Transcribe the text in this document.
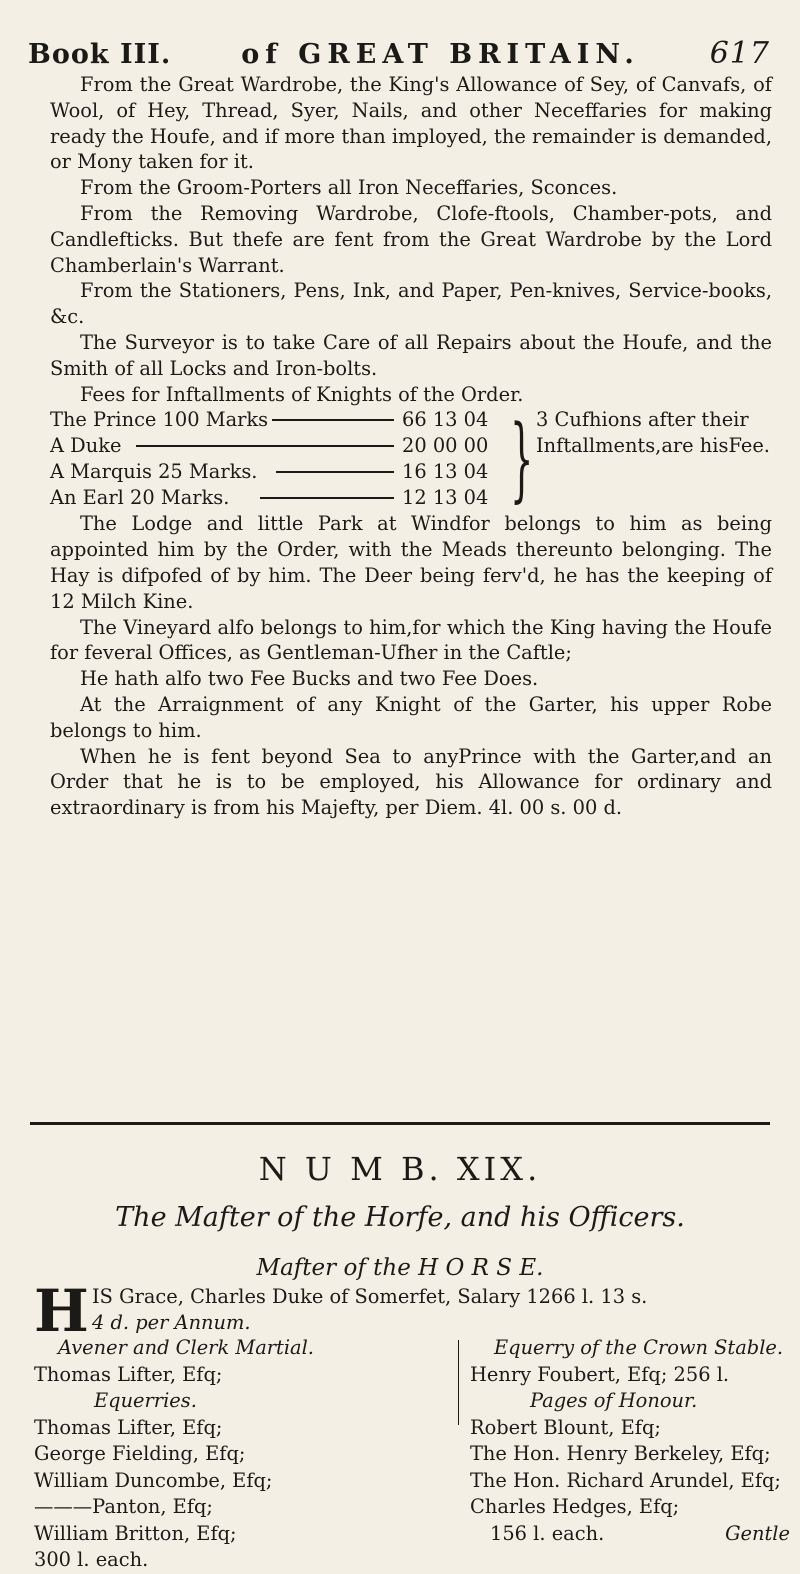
Book III.	of GREAT BRITAIN. 617

From the Great Wardrobe, the King's Allowance of Sey, of Canvafs, of Wool, of Hey, Thread, Syer, Nails, and other Neceffaries for making ready the Houfe, and if more than imployed, the remainder is demanded, or Mony taken for it.

From the Groom-Porters all Iron Neceffaries, Sconces.

From the Removing Wardrobe, Clofe-ftools, Chamber-pots, and Candlefticks. But thefe are fent from the Great Wardrobe by the Lord Chamberlain's Warrant.

From the Stationers, Pens, Ink, and Paper, Pen-knives, Service-books, &c.

The Surveyor is to take Care of all Repairs about the Houfe, and the Smith of all Locks and Iron-bolts.

Fees for Inftallments of Knights of the Order.

The Prince 100 Marks	66 13 04
A Duke	20 00 00
A Marquis 25 Marks.	16 13 04
An Earl 20 Marks.	12 13 04 } 3 Cufhions after their Inftallments,are hisFee.

The Lodge and little Park at Windfor belongs to him as being appointed him by the Order, with the Meads thereunto belonging. The Hay is difpofed of by him. The Deer being ferv'd, he has the keeping of 12 Milch Kine.

The Vineyard alfo belongs to him,for which the King having the Houfe for feveral Offices, as Gentleman-Ufher in the Caftle;

He hath alfo two Fee Bucks and two Fee Does.

At the Arraignment of any Knight of the Garter, his upper Robe belongs to him.

When he is fent beyond Sea to anyPrince with the Garter,and an Order that he is to be employed, his Allowance for ordinary and extraordinary is from his Majefty, per Diem. 4l. 00 s. 00 d.

N U M B. XIX.
The Mafter of the Horfe, and his Officers.
Mafter of the H O R S E.
H IS Grace, Charles Duke of Somerfet, Salary 1266 l. 13 s.
4 d. per Annum.
Avener and Clerk Martial.
Thomas Lifter, Efq;
Equerries.
Thomas Lifter, Efq;
George Fielding, Efq;
William Duncombe, Efq;
———Panton, Efq;
William Britton, Efq;
300 l. each.
Equerry of the Crown Stable.
Henry Foubert, Efq; 256 l.
Pages of Honour.
Robert Blount, Efq;
The Hon. Henry Berkeley, Efq;
The Hon. Richard Arundel, Efq;
Charles Hedges, Efq;
156 l. each.	Gentle
